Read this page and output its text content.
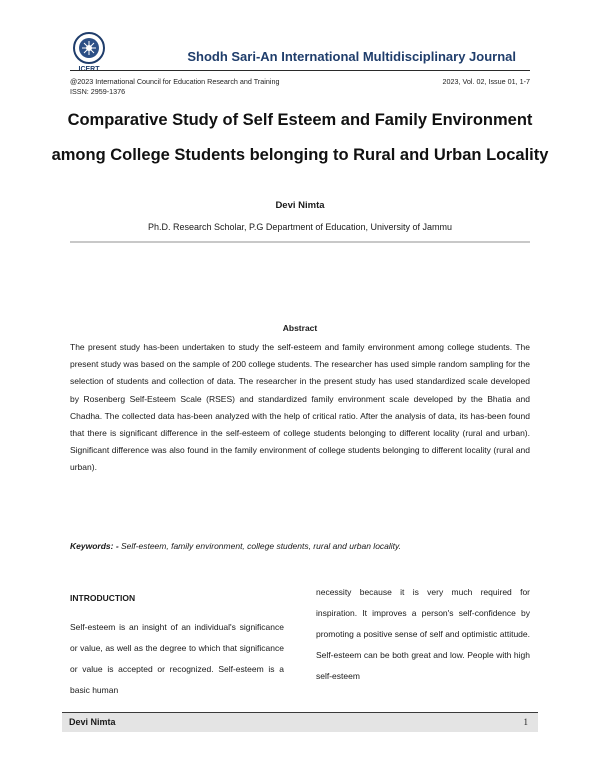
Shodh Sari-An International Multidisciplinary Journal
@2023 International Council for Education Research and Training
ISSN: 2959-1376
2023, Vol. 02, Issue 01, 1-7
Comparative Study of Self Esteem and Family Environment
among College Students belonging to Rural and Urban Locality
Devi Nimta
Ph.D. Research Scholar, P.G Department of Education, University of Jammu
Abstract

The present study has-been undertaken to study the self-esteem and family environment among college students. The present study was based on the sample of 200 college students. The researcher has used simple random sampling for the selection of students and collection of data. The researcher in the present study has used standardized scale developed by Rosenberg Self-Esteem Scale (RSES) and standardized family environment scale developed by the Bhatia and Chadha. The collected data has-been analyzed with the help of critical ratio. After the analysis of data, its has-been found that there is significant difference in the self-esteem of college students belonging to different locality (rural and urban). Significant difference was also found in the family environment of college students belonging to different locality (rural and urban).

Keywords: - Self-esteem, family environment, college students, rural and urban locality.
INTRODUCTION

Self-esteem is an insight of an individual's significance or value, as well as the degree to which that significance or value is accepted or recognized. Self-esteem is a basic human

necessity because it is very much required for inspiration. It improves a person's self-confidence by promoting a positive sense of self and optimistic attitude. Self-esteem can be both great and low. People with high self-esteem

Devi Nimta	1
